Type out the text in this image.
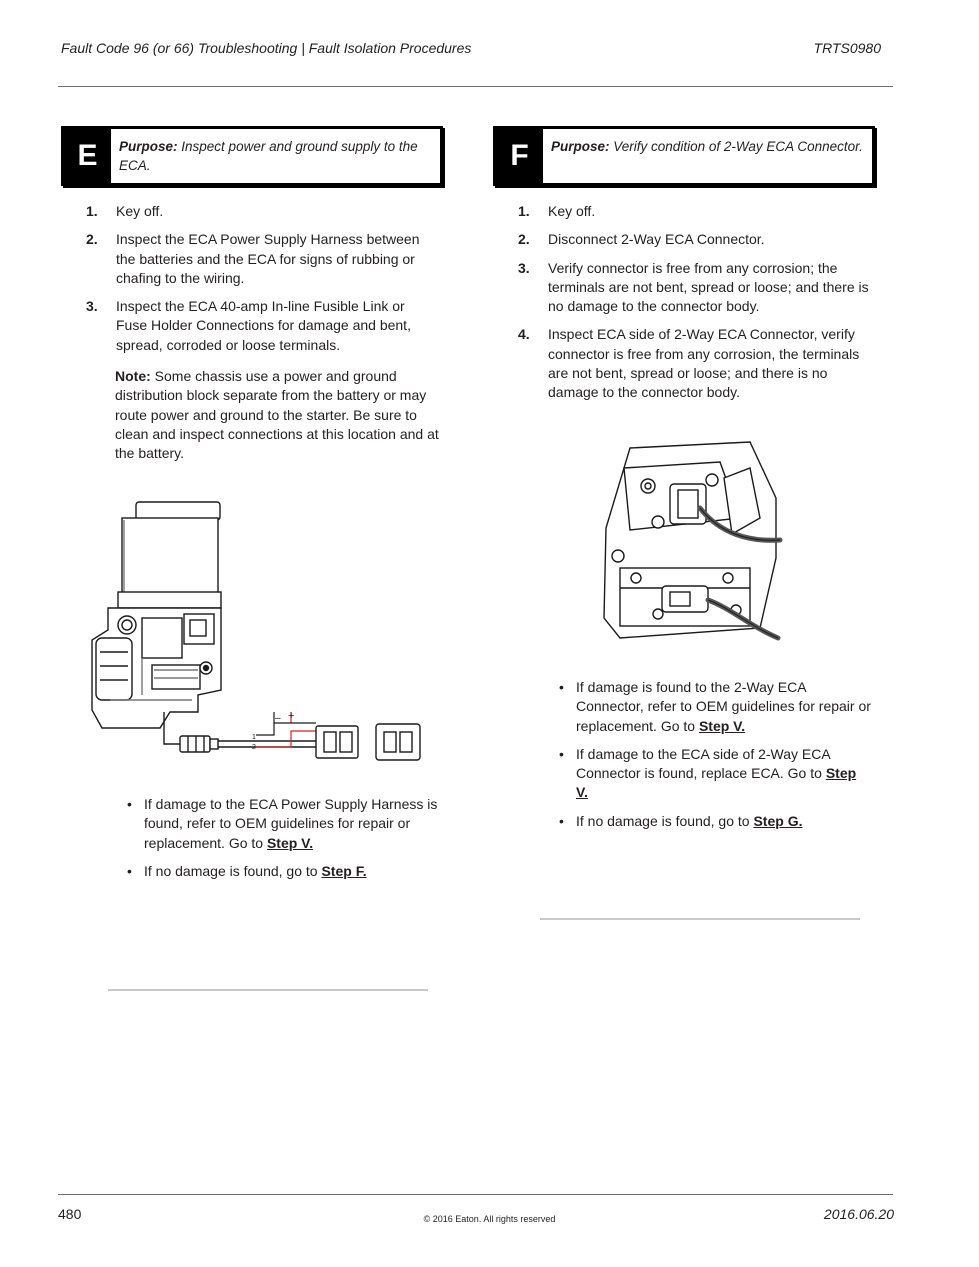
Fault Code 96 (or 66) Troubleshooting | Fault Isolation Procedures	TRTS0980
E	Purpose: Inspect power and ground supply to the ECA.
1. Key off.
2. Inspect the ECA Power Supply Harness between the batteries and the ECA for signs of rubbing or chafing to the wiring.
3. Inspect the ECA 40-amp In-line Fusible Link or Fuse Holder Connections for damage and bent, spread, corroded or loose terminals.
Note: Some chassis use a power and ground distribution block separate from the battery or may route power and ground to the starter. Be sure to clean and inspect connections at this location and at the battery.
– +
1
2
• If damage to the ECA Power Supply Harness is found, refer to OEM guidelines for repair or replacement. Go to Step V.
• If no damage is found, go to Step F.
F	Purpose: Verify condition of 2-Way ECA Connector.
1. Key off.
2. Disconnect 2-Way ECA Connector.
3. Verify connector is free from any corrosion; the terminals are not bent, spread or loose; and there is no damage to the connector body.
4. Inspect ECA side of 2-Way ECA Connector, verify connector is free from any corrosion, the terminals are not bent, spread or loose; and there is no damage to the connector body.
• If damage is found to the 2-Way ECA Connector, refer to OEM guidelines for repair or replacement. Go to Step V.
• If damage to the ECA side of 2-Way ECA Connector is found, replace ECA. Go to Step V.
• If no damage is found, go to Step G.
480	© 2016 Eaton. All rights reserved	2016.06.20
